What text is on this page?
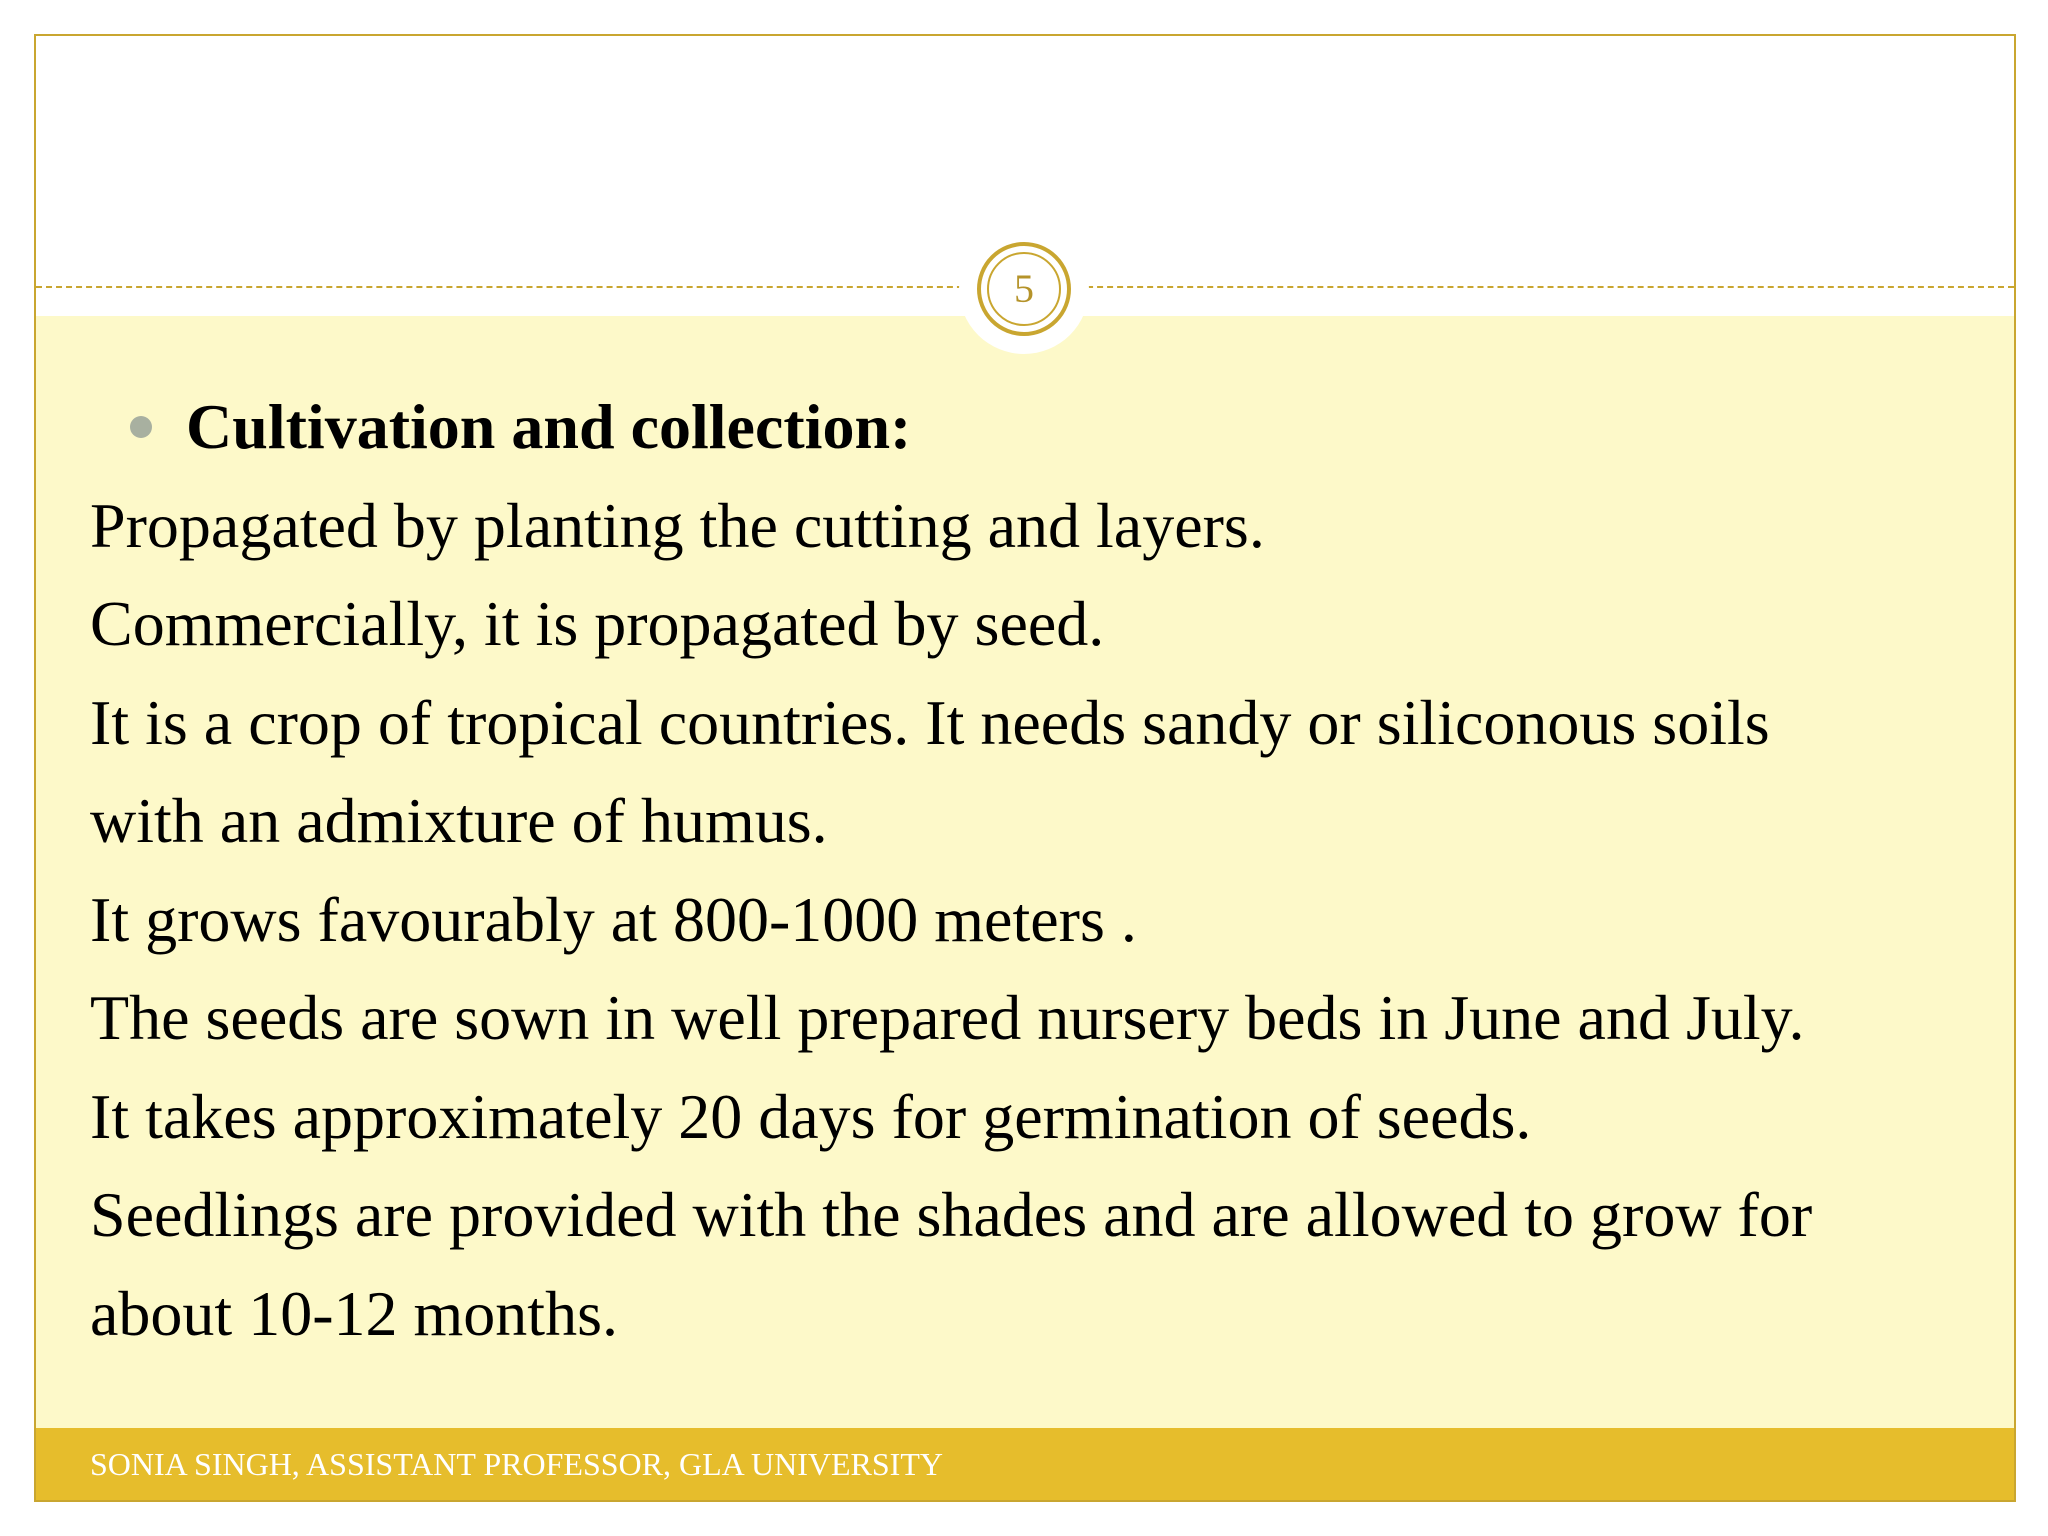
5
Cultivation and collection:
Propagated by planting the cutting and layers.
Commercially, it is propagated by seed.
It is a crop of tropical countries. It needs sandy or siliconous soils
with an admixture of humus.
It grows favourably at 800-1000 meters .
The seeds are sown in well prepared nursery beds in June and July.
It takes approximately 20 days for germination of seeds.
Seedlings are provided with the shades and are allowed to grow for
about 10-12 months.
SONIA SINGH, ASSISTANT PROFESSOR, GLA UNIVERSITY
